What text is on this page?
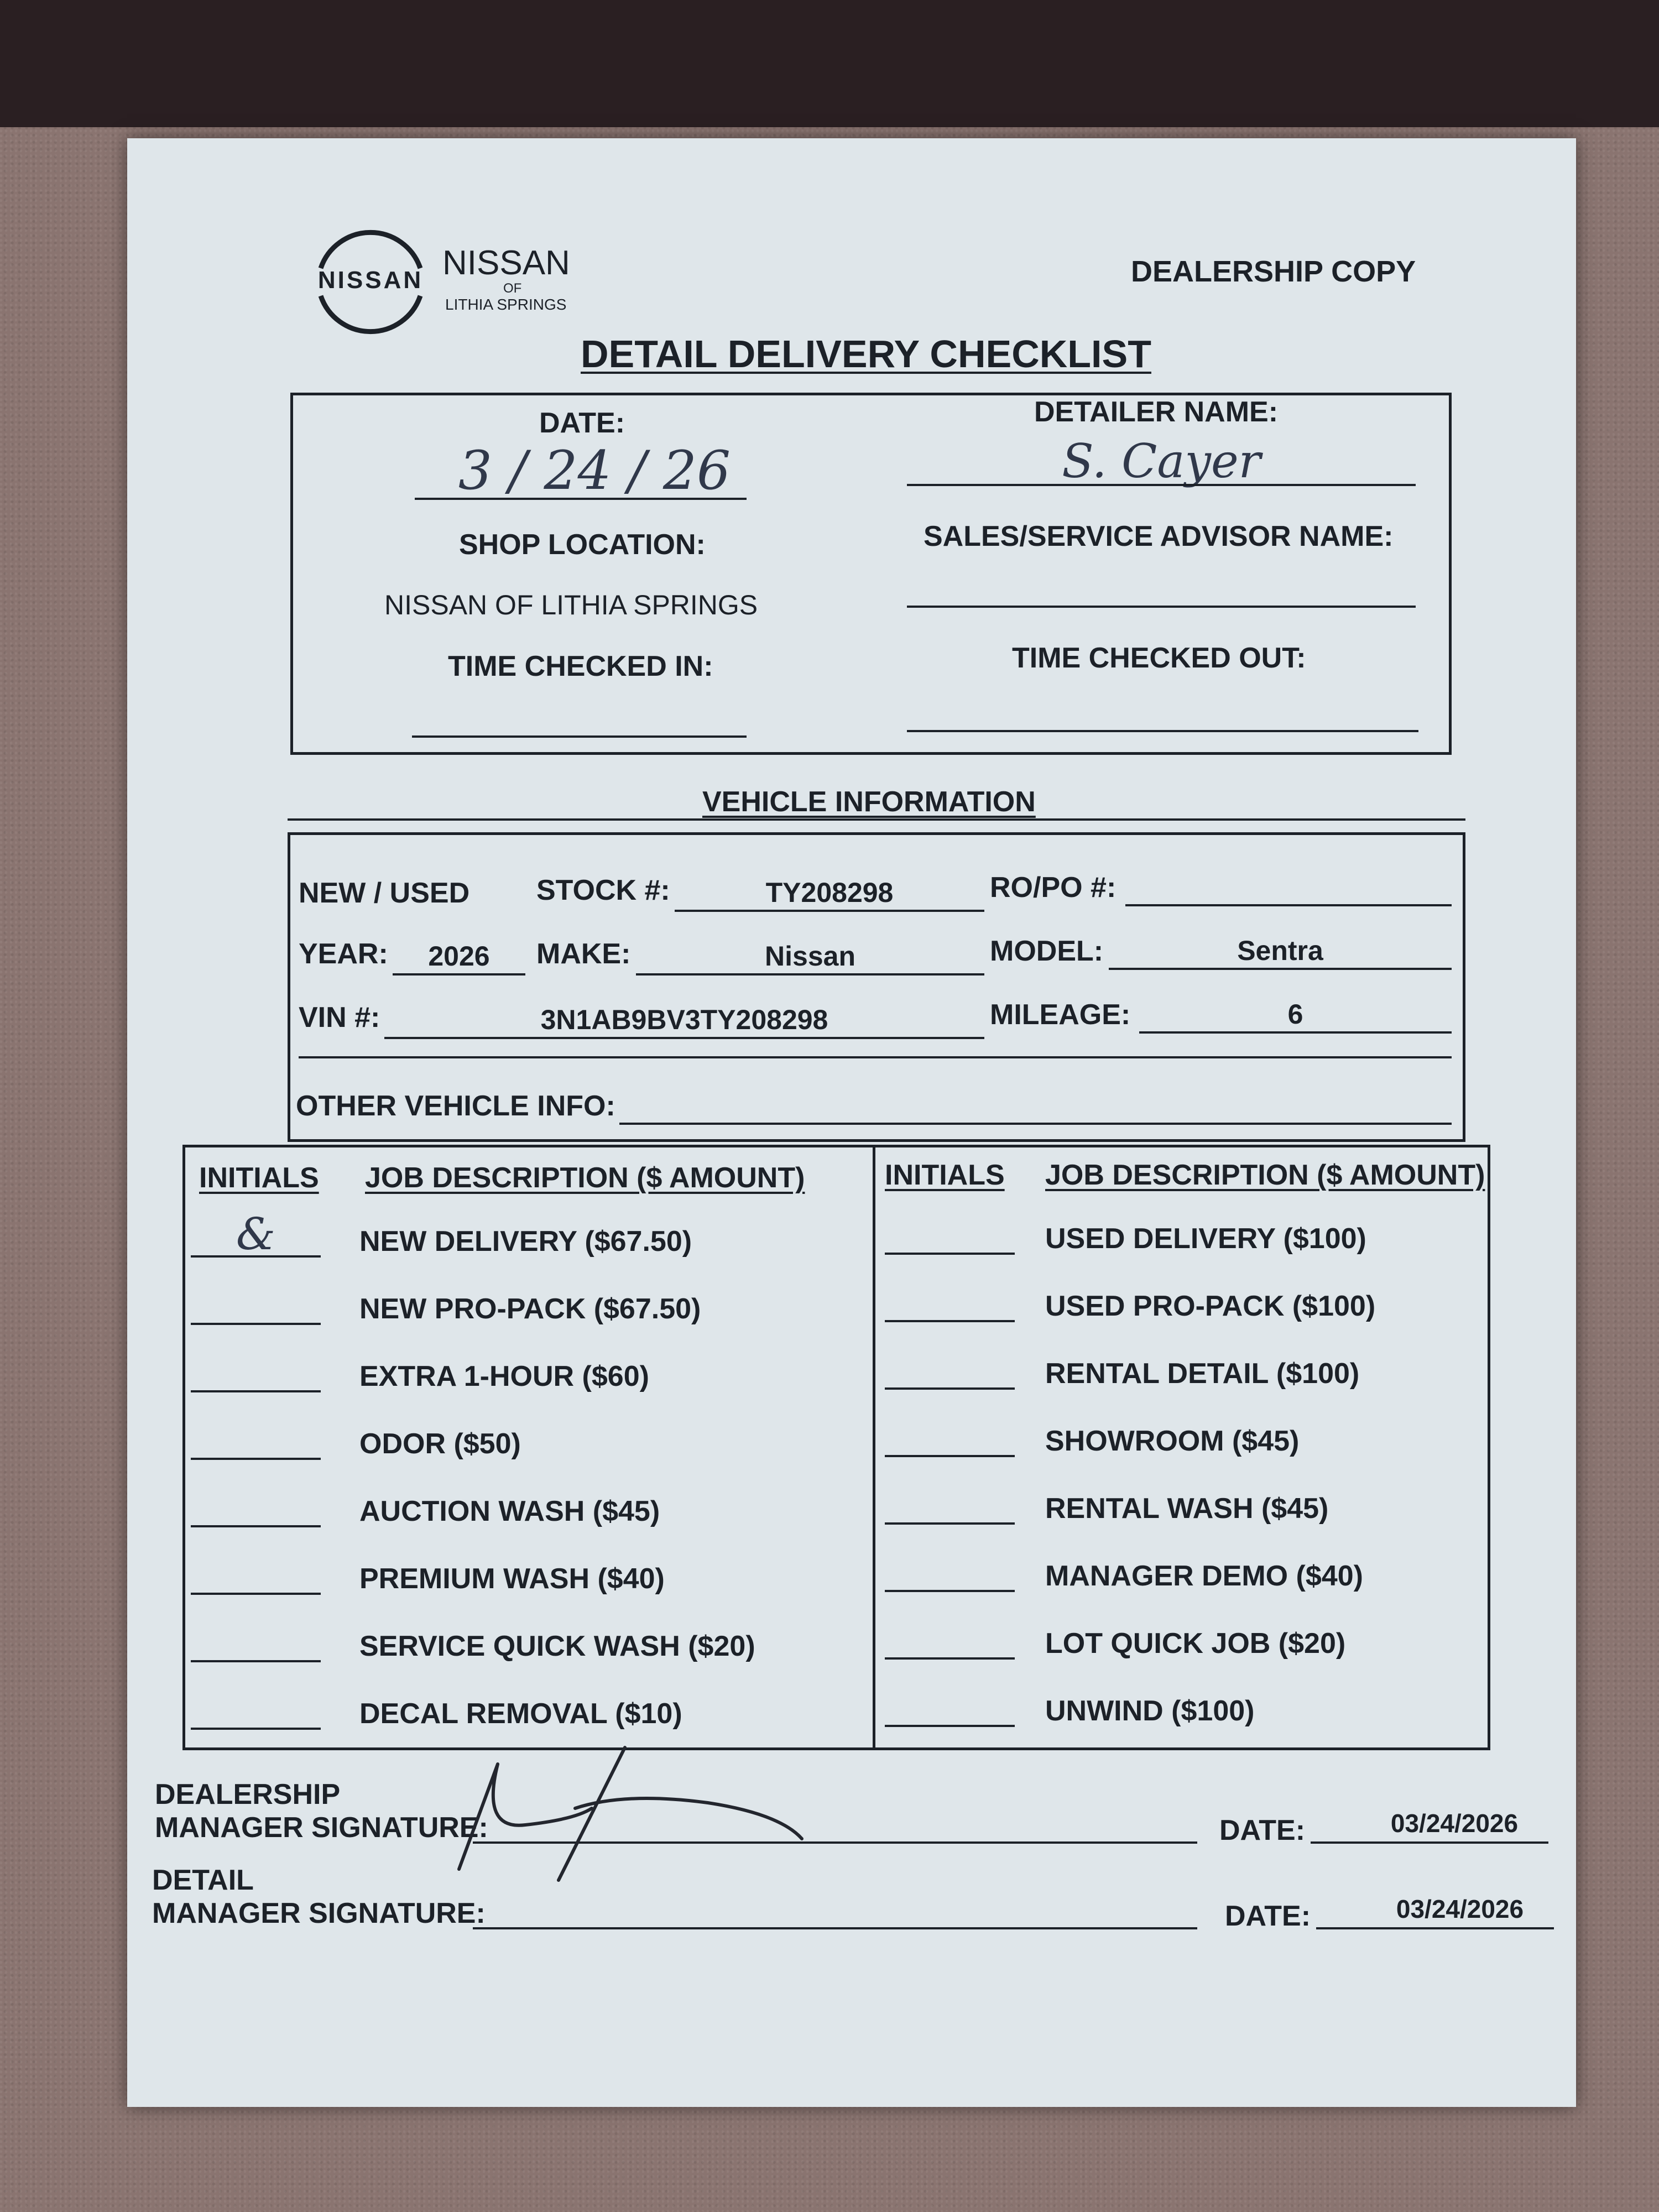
NISSAN NISSAN
OF
LITHIA SPRINGS
DEALERSHIP COPY
DETAIL DELIVERY CHECKLIST
DATE:
3 / 24 / 26
DETAILER NAME:
S. Cayer
SHOP LOCATION:
NISSAN OF LITHIA SPRINGS
SALES/SERVICE ADVISOR NAME:
TIME CHECKED IN:	TIME CHECKED OUT:
VEHICLE INFORMATION
NEW / USED STOCK #:	TY208298	RO/PO #:
YEAR:	2026	MAKE:	Nissan	MODEL:	Sentra
VIN #:	3N1AB9BV3TY208298	MILEAGE:	6
OTHER VEHICLE INFO:
INITIALS JOB DESCRIPTION ($ AMOUNT)	INITIALS JOB DESCRIPTION ($ AMOUNT)
&	NEW DELIVERY ($67.50)
NEW PRO-PACK ($67.50)
EXTRA 1-HOUR ($60)
ODOR ($50)
AUCTION WASH ($45)
PREMIUM WASH ($40)
SERVICE QUICK WASH ($20)
DECAL REMOVAL ($10)
USED DELIVERY ($100)
USED PRO-PACK ($100)
RENTAL DETAIL ($100)
SHOWROOM ($45)
RENTAL WASH ($45)
MANAGER DEMO ($40)
LOT QUICK JOB ($20)
UNWIND ($100)
DEALERSHIP
MANAGER SIGNATURE:	DATE:	03/24/2026
DETAIL
MANAGER SIGNATURE:	DATE:	03/24/2026
